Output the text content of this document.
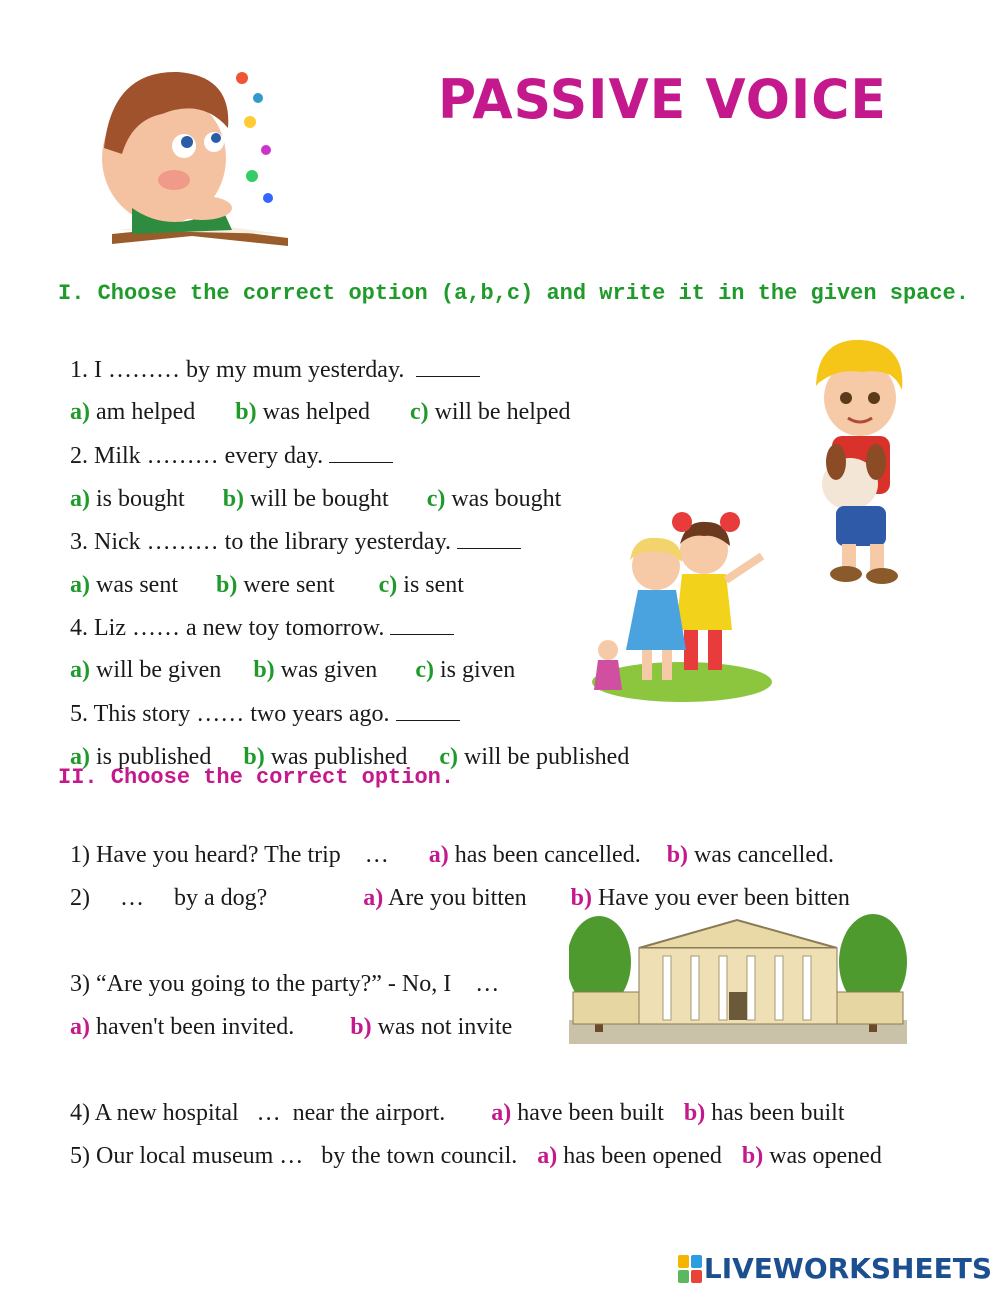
PASSIVE VOICE
I. Choose the correct option (a,b,c) and write it in the given space.

1. I ……… by my mum yesterday.

a) am helped b) was helped c) will be helped

2. Milk ……… every day.

a) is bought b) will be bought c) was bought

3. Nick ……… to the library yesterday.

a) was sent b) were sent c) is sent

4. Liz …… a new toy tomorrow.

a) will be given b) was given c) is given

5. This story …… two years ago.

a) is published b) was published c) will be published

II. Choose the correct option.

1) Have you heard? The trip    … a) has been cancelled. b) was cancelled.

2)     …     by a dog?	a) Are you bitten b) Have you ever been bitten

3) “Are you going to the party?” - No, I    …

a) haven't been invited. b) was not invite

4) A new hospital   …  near the airport. a) have been built b) has been built

5) Our local museum …   by the town council. a) has been opened b) was opened

LIVEWORKSHEETS
